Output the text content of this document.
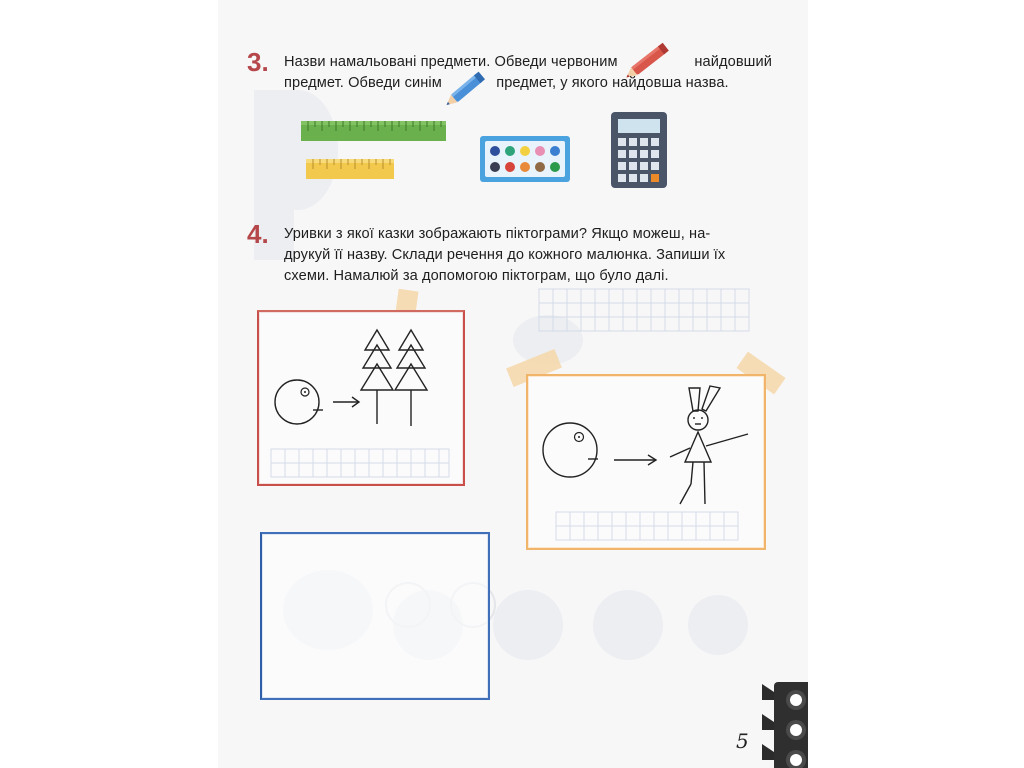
3. Назви намальовані предмети. Обведи червоним	найдовший
предмет. Обведи синім	предмет, у якого найдовша назва.
4. Уривки з якої казки зображають піктограми? Якщо можеш, на-
друкуй її назву. Склади речення до кожного малюнка. Запиши їх
схеми. Намалюй за допомогою піктограм, що було далі.
5
